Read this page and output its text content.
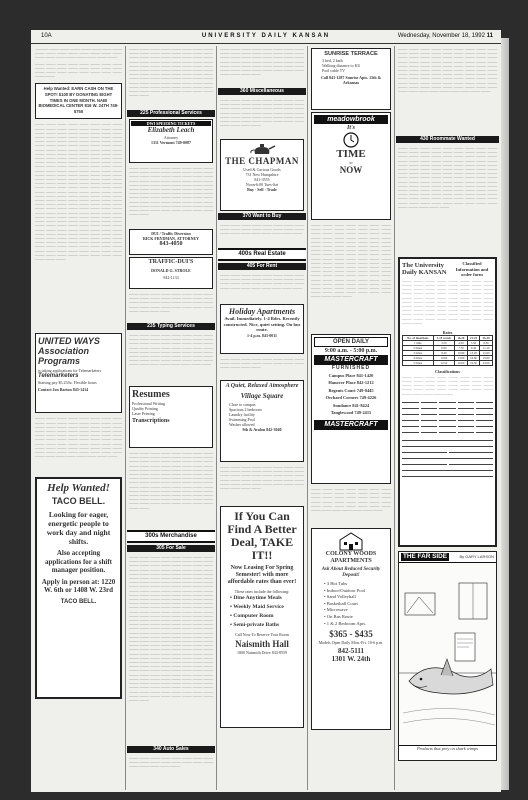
10A	UNIVERSITY DAILY KANSAN	Wednesday, November 18, 1992 11

———— ——— ——— ——— ——— ——— ——— ——— ——— ——— ——— ——— ——— ——— ——— ——— ——— ——— ——— ——— ——— ——— ——— ———

——— ——— ——— ——— ——— ——— ——— ——— ——— ——— ——— ——— ——— ——— ——— ——— ——— ——— ——— ——— ——— ——— ——— ——— ——— ———

Help Wanted: EARN CASH ON THE SPOT! $100 BY DONATING EIGHT TIMES IN ONE MONTH. NABI BIOMEDICAL CENTER 816 W. 24TH 749-5750

——— ——— ——— ——— ——— ——— ——— ——— ——— ——— ——— ——— ——— ——— ——— ——— ——— ——— ——— ——— ——— ——— ——— ——— ——— ——— ——— ——— ——— ——— ——— ——— ——— ——— ——— ——— ——— ——— ——— ——— ——— ——— ——— ——— ——— ——— ——— ——— ——— ——— ——— ——— ——— ——— ——— ——— ——— ——— ——— ——— ——— ——— ——— ——— ——— ——— ——— ——— ——— ——— ——— ——— ——— ——— ——— ——— ——— ——— ——— ——— ——— ——— ——— ——— ——— ——— ——— ——— ——— ——— ——— ——— ——— ——— ——— ——— ——— ——— ——— ——— ——— ——— ——— ——— ——— ——— ——— ——— ——— ——— ——— ——— ——— ——— ——— ——— ——— ——— ——— ——— ——— ——— ——— ——— ——— ——— ——— ——— ——— ——— ——— ——— ——— ——— ——— ——— ——— ——— ——— ——— ——— ——— ——— ——— ——— ——— ——— ——— ——— ——— ——— ——— ——— ——— ——— ——— ——— ——— ——— ——— ——— ——— ——— ——— ——— ——— ——— ——— ——— ——— ——— ——— ——— ——— ——— ——— ——— ——— ——— ——— ——— ——— ——— ——— ——— ——— ——— ——— ——— ——— ——— ——— ——— ——— ——— ——— ——— ——— ——— ——— ——— ——— ——— ——— ——— ——— ——— ——— ——— ——— ——— ——— ——— ——— ——— ——— ——— ——— ——— ——— ——— ——— ——— ——— ——— ——— ——— ——— ——— ——— ——— ——— ——— ——— ——— ——— ——— ——— ——— ——— ——— ——— ——— ——— ——— ——— ——— ——— ——— ——— ——— ——— ——— ——— ——— ——— ——— ——— ———

UNITED WAYS Association Programs
is taking applications for Telemarketers
Telemarketers
Starting pay $5.25/hr. Flexible hours
Contact Jon Barton 843-1414

——— ——— ——— ——— ——— ——— ——— ——— ——— ——— ——— ——— ——— ——— ——— ——— ——— ——— ——— ——— ——— ——— ——— ——— ——— ——— ——— ——— ——— ——— ——— ——— ——— ——— ——— ——— ——— ——— ——— ——— ——— ——— ——— ——— ——— ——— ——— ——— ——— ——— ——— ——— ——— ——— ——— ——— ——— ——— ——— ——— ——— ——— ——— ——— ——— ——— ——— ——— ——— ——— ——— ——— ——— ——— ——— ——— ——— ——— ——— ———

Help Wanted!
TACO BELL.
Looking for eager, energetic people to work day and night shifts.
Also accepting applications for a shift manager position.
Apply in person at: 1220 W. 6th or 1408 W. 23rd
TACO BELL.

——— ——— ——— ——— ——— ——— ——— ——— ——— ——— ——— ——— ——— ——— ——— ——— ——— ——— ——— ——— ——— ——— ——— ——— ——— ——— ——— ——— ——— ——— ——— ——— ——— ——— ——— ——— ——— ——— ——— ——— ——— ——— ——— ——— ——— ——— ——— ——— ——— ——— ——— ——— ——— ——— ——— ——— ——— ——— ——— ——— ——— ——— ——— ——— ——— ——— ——— ——— ——— ——— ——— ——— ——— ——— ——— ——— ——— ——— ——— ——— ——— ——— ——— ——— ——— ——— ——— ——— ——— ———

225 Professional Services
DWI SPEEDING TICKETS
Elizabeth Leach
Attorney
1311 Vermont 749-0087

——— ——— ——— ——— ——— ——— ——— ——— ——— ——— ——— ——— ——— ——— ——— ——— ——— ——— ——— ——— ——— ——— ——— ——— ——— ——— ——— ——— ——— ——— ——— ——— ——— ——— ——— ——— ——— ——— ——— ——— ——— ——— ——— ——— ——— ——— ——— ——— ——— ——— ——— ——— ——— ——— ——— ——— ——— ——— ——— ——— ——— ——— ——— ——— ——— ——— ——— ——— ——— ——— ——— ——— ——— ——— ——— ——— ——— ——— ——— ——— ——— ——— ——— ——— ——— ——— ——— ——— ——— ———

DUI / Traffic Diversion
RICK FRYDMAN, ATTORNEY
843-4050
TRAFFIC-DUI'S
DONALD G. STROLE
842-1133

——— ——— ——— ——— ——— ——— ——— ——— ——— ——— ——— ——— ——— ——— ——— ——— ——— ——— ——— ——— ——— ——— ——— ——— ——— ——— ——— ——— ——— ——— ——— ——— ——— ——— ——— ———

235 Typing Services

——— ——— ——— ——— ——— ——— ——— ——— ——— ——— ——— ——— ——— ——— ——— ——— ——— ——— ——— ——— ——— ——— ——— ——— ——— ——— ——— ——— ——— ——— ——— ——— ——— ——— ——— ——— ——— ——— ——— ——— ——— ——— ——— ——— ——— ——— ——— ——— ——— ——— ——— ——— ——— ——— ——— ——— ——— ——— ——— ——— ——— ——— ——— ———

Resumes
Professional Writing
Quality Printing
Laser Printing
Transcriptions

——— ——— ——— ——— ——— ——— ——— ——— ——— ——— ——— ——— ——— ——— ——— ——— ——— ——— ——— ——— ——— ——— ——— ——— ——— ——— ——— ——— ——— ——— ——— ——— ——— ——— ——— ——— ——— ——— ——— ——— ——— ——— ——— ——— ——— ——— ——— ——— ——— ——— ——— ——— ——— ——— ——— ——— ——— ——— ——— ——— ——— ——— ——— ——— ——— ——— ——— ——— ——— ——— ——— ——— ——— ——— ——— ——— ——— ——— ——— ——— ——— ——— ——— ——— ——— ——— ——— ——— ——— ——— ——— ——— ——— ——— ——— ——— ——— ——— ——— ——— ——— ——— ——— ——— ——— ———

300s Merchandise
305 For Sale

——— ——— ——— ——— ——— ——— ——— ——— ——— ——— ——— ——— ——— ——— ——— ——— ——— ——— ——— ——— ——— ——— ——— ——— ——— ——— ——— ——— ——— ——— ——— ——— ——— ——— ——— ——— ——— ——— ——— ——— ——— ——— ——— ——— ——— ——— ——— ——— ——— ——— ——— ——— ——— ——— ——— ——— ——— ——— ——— ——— ——— ——— ——— ——— ——— ——— ——— ——— ——— ——— ——— ——— ——— ——— ——— ——— ——— ——— ——— ——— ——— ——— ——— ——— ——— ——— ——— ——— ——— ——— ——— ——— ——— ——— ——— ——— ——— ——— ——— ——— ——— ——— ——— ——— ——— ——— ——— ——— ——— ——— ——— ——— ——— ——— ——— ——— ——— ——— ——— ——— ——— ——— ——— ——— ——— ——— ——— ——— ——— ——— ——— ——— ——— ——— ——— ——— ——— ——— ——— ——— ——— ——— ——— ——— ——— ——— ——— ——— ——— ——— ——— ——— ——— ——— ——— ——— ——— ——— ——— ——— ——— ——— ——— ——— ——— ——— ——— ——— ——— ——— ——— ——— ——— ——— ——— ——— ——— ——— ——— ——— ——— ——— ——— ——— ——— ——— ——— ——— ——— ——— ——— ——— ——— ——— ——— ——— ——— ——— ——— ——— ——— ——— ——— ——— ——— ——— ——— ——— ——— ——— ——— ——— ——— ——— ——— ——— ——— ——— ——— ——— ——— ——— ——— ——— ——— ——— ——— ——— ——— ——— ——— ——— ——— ——— ——— ——— ——— ——— ——— ——— ——— ——— ——— ——— ——— ——— ——— ——— ——— ——— ——— ——— ——— ——— ——— ——— ——— ——— ——— ——— ——— ——— ——— ——— ——— ——— ——— ——— ——— ——— ——— ——— ——— ———

340 Auto Sales

——— ——— ——— ——— ——— ——— ——— ——— ——— ——— ——— ——— ——— ——— ——— ——— ——— ——— ——— ——— ———

——— ——— ——— ——— ——— ——— ——— ——— ——— ——— ——— ——— ——— ——— ——— ——— ——— ——— ——— ——— ——— ——— ——— ——— ——— ——— ——— ——— ——— ——— ——— ——— ——— ——— ——— ——— ——— ——— ——— ——— ——— ——— ——— ——— ——— ——— ——— ——— ——— ——— ——— ———

360 Miscellaneous

——— ——— ——— ——— ——— ——— ——— ——— ——— ——— ——— ——— ——— ——— ——— ——— ——— ——— ——— ——— ——— ——— ——— ——— ——— ——— ——— ——— ——— ——— ——— ——— ——— ——— ——— ——— ——— ——— ——— ——— ——— ——— ——— ——— ——— ——— ——— ——— ——— ——— ——— ———

THE CHAPMAN
Used & Curious Goods
731 New Hampshire
841-3555
Noon-6:00 Tues-Sat
Buy · Sell · Trade
370 Want to Buy

——— ——— ——— ——— ——— ——— ——— ——— ——— ——— ——— ——— ——— ——— ——— ——— ——— ——— ——— ——— ——— ——— ——— ———

400s Real Estate
405 For Rent

——— ——— ——— ——— ——— ——— ——— ——— ——— ——— ——— ——— ——— ——— ——— ——— ——— ——— ——— ——— ——— ——— ——— ——— ——— ——— ——— ——— ——— ——— ——— ———

Holiday Apartments
Avail. Immediately. 1-4 Bdrs. Recently constructed. Nice, quiet setting. On bus route.
1-4 p.m. 843-0011

——— ——— ——— ——— ——— ——— ——— ——— ——— ——— ——— ——— ——— ——— ——— ——— ——— ——— ——— ———

A Quiet, Relaxed Atmosphere
Village Square
Close to campus
Spacious 2 bedroom
Laundry facility
Swimming Pool
Washer allowed
9th & Avalon 842-3040

——— ——— ——— ——— ——— ——— ——— ——— ——— ——— ——— ——— ——— ——— ——— ——— ——— ——— ——— ——— ——— ——— ——— ——— ——— ——— ——— ——— ——— ——— ——— ——— ——— ——— ——— ——— ——— ——— ——— ——— ——— ——— ——— ———

If You Can Find A Better Deal, TAKE IT!!
Now Leasing For Spring Semester! with more affordable rates than ever!
These rates include the following:
• Dine Anytime Meals
• Weekly Maid Service
• Computer Room
• Semi-private Baths
Call Now To Reserve Your Room
Naismith Hall
1800 Naismith Drive 843-8559
SUNRISE TERRACE
3 bed, 2 bath
Walking distance to KU
Pool cable TV
Call 841-1287 Sunrise Apts. 15th & Arkansas
meadowbrook
It's
TIME
to
NOW

——— ——— ——— ——— ——— ——— ——— ——— ——— ——— ——— ——— ——— ——— ——— ——— ——— ——— ——— ——— ——— ——— ——— ——— ——— ——— ——— ——— ——— ——— ——— ——— ——— ——— ——— ——— ——— ——— ——— ——— ——— ——— ——— ——— ——— ——— ——— ——— ——— ——— ——— ——— ——— ——— ——— ——— ——— ——— ——— ——— ——— ——— ——— ——— ——— ——— ——— ——— ——— ——— ——— ——— ——— ——— ——— ——— ——— ——— ——— ——— ——— ——— ——— ——— ——— ——— ——— ——— ——— ——— ——— ——— ——— ——— ——— ——— ——— ——— ——— ——— ——— ——— ——— ——— ——— ——— ——— ——— ——— ——— ——— ——— ——— ——— ——— ——— ——— ——— ——— ——— ——— ——— ———

OPEN DAILY
9:00 a.m. - 5:00 p.m.
MASTERCRAFT
FURNISHED
Campus Place 841-1420
Hanover Place 842-1212
Regents Court 749-0445
Orchard Corners 749-4226
Sundance 841-8424
Tanglewood 749-2415
MASTERCRAFT

——— ——— ——— ——— ——— ——— ——— ——— ——— ——— ——— ——— ——— ——— ——— ——— ——— ——— ——— ——— ——— ——— ——— ——— ——— ——— ——— ——— ——— ——— ——— ——— ——— ——— ——— ——— ——— ——— ——— ——— ——— ———

COLONY WOODS APARTMENTS
Ask About Reduced Security Deposit!
• 3 Hot Tubs
• Indoor/Outdoor Pool
• Sand Volleyball
• Basketball Court
• Microwave
• On Bus Route
• 1 & 2 Bedroom Apts.
$365 - $435
Models Open Daily Mon.-Fri. 10-6 p.m.
842-5111
1301 W. 24th

——— ——— ——— ——— ——— ——— ——— ——— ——— ——— ——— ——— ——— ——— ——— ——— ——— ——— ——— ——— ——— ——— ——— ——— ——— ——— ——— ——— ——— ——— ——— ——— ——— ——— ——— ——— ——— ——— ——— ——— ——— ——— ——— ——— ——— ——— ——— ——— ——— ——— ——— ——— ——— ——— ——— ——— ——— ——— ——— ——— ——— ——— ——— ——— ——— ——— ——— ——— ——— ——— ——— ——— ——— ——— ——— ——— ——— ——— ——— ——— ——— ——— ——— ——— ——— ——— ——— ——— ——— ——— ——— ——— ——— ——— ——— ——— ——— ——— ———

430 Roommate Wanted

——— ——— ——— ——— ——— ——— ——— ——— ——— ——— ——— ——— ——— ——— ——— ——— ——— ——— ——— ——— ——— ——— ——— ——— ——— ——— ——— ——— ——— ——— ——— ——— ——— ——— ——— ——— ——— ——— ——— ——— ——— ——— ——— ——— ——— ——— ——— ——— ——— ——— ——— ——— ——— ——— ——— ——— ——— ——— ——— ——— ——— ——— ——— ——— ——— ——— ——— ——— ——— ——— ——— ——— ——— ——— ——— ——— ——— ——— ——— ——— ——— ——— ——— ——— ——— ——— ——— ——— ——— ——— ——— ——— ——— ——— ——— ——— ——— ——— ——— ——— ——— ——— ——— ——— ——— ——— ——— ——— ——— ——— ——— ——— ——— ——— ——— ——— ——— ——— ——— ——— ——— ——— ——— ——— ——— ——— ——— ——— ——— ——— ———

The University Daily KANSAN
Classified Information and order form

——— ——— ——— ——— ——— ——— ——— ——— ——— ——— ——— ——— ——— ——— ——— ——— ——— ——— ——— ——— ——— ——— ——— ——— ——— ——— ——— ——— ——— ——— ——— ——— ——— ——— ——— ——— ——— ——— ——— ——— ——— ——— ——— ——— ——— ——— ——— ——— ——— ——— ——— ——— ——— ——— ——— ——— ——— ——— ——— ——— ——— ——— ——— ——— ——— ——— ——— ——— ——— ——— ——— ——— ——— ——— ——— ——— ——— ——— ——— ——— ——— ———

Rates
No. of Insertions	1-15 words	16-20	21-25	26-30
1 time	3.50	4.50	5.50	6.50
2 times	6.00	7.70	9.40	11.10
3 times	8.40	10.80	13.20	15.60
4 times	10.60	13.60	16.60	19.60
5 times	12.50	16.00	19.50	23.00
Classifications

——— ——— ——— ——— ——— ——— ——— ——— ——— ——— ——— ——— ——— ——— ——— ——— ——— ——— ——— ——— ——— ——— ——— ——— ——— ——— ——— ——— ——— ——— ——— ——— ——— ——— ——— ——— ———

THE FAR SIDE	By GARY LARSON
Products that prey on shark wimps
